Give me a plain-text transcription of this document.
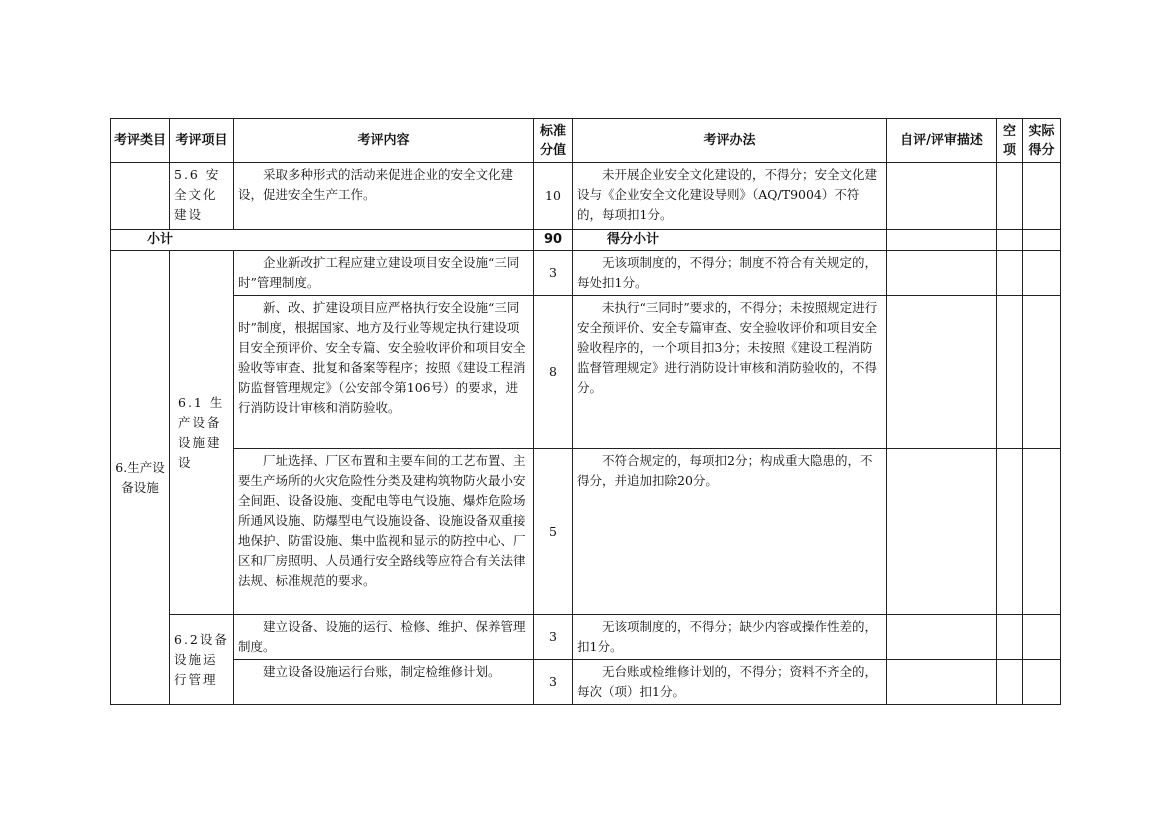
考评类目	考评项目	考评内容	标准分值	考评办法	自评/评审描述	空项	实际得分
	5.6 安全文化建设	采取多种形式的活动来促进企业的安全文化建设，促进安全生产工作。	10	未开展企业安全文化建设的，不得分；安全文化建设与《企业安全文化建设导则》（AQ/T9004）不符的，每项扣1分。			
小计			90	得分小计			
6.生产设备设施	6.1 生产设备设施建设	企业新改扩工程应建立建设项目安全设施“三同时”管理制度。	3	无该项制度的，不得分；制度不符合有关规定的，每处扣1分。			
		新、改、扩建设项目应严格执行安全设施“三同时”制度，根据国家、地方及行业等规定执行建设项目安全预评价、安全专篇、安全验收评价和项目安全验收等审查、批复和备案等程序；按照《建设工程消防监督管理规定》（公安部令第106号）的要求，进行消防设计审核和消防验收。	8	未执行“三同时”要求的，不得分；未按照规定进行安全预评价、安全专篇审查、安全验收评价和项目安全验收程序的，一个项目扣3分；未按照《建设工程消防监督管理规定》进行消防设计审核和消防验收的，不得分。			
		厂址选择、厂区布置和主要车间的工艺布置、主要生产场所的火灾危险性分类及建构筑物防火最小安全间距、设备设施、变配电等电气设施、爆炸危险场所通风设施、防爆型电气设施设备、设施设备双重接地保护、防雷设施、集中监视和显示的防控中心、厂区和厂房照明、人员通行安全路线等应符合有关法律法规、标准规范的要求。	5	不符合规定的，每项扣2分；构成重大隐患的，不得分，并追加扣除20分。			
	6.2设备设施运行管理	建立设备、设施的运行、检修、维护、保养管理制度。	3	无该项制度的，不得分；缺少内容或操作性差的，扣1分。			
		建立设备设施运行台账，制定检维修计划。	3	无台账或检维修计划的，不得分；资料不齐全的，每次（项）扣1分。			
